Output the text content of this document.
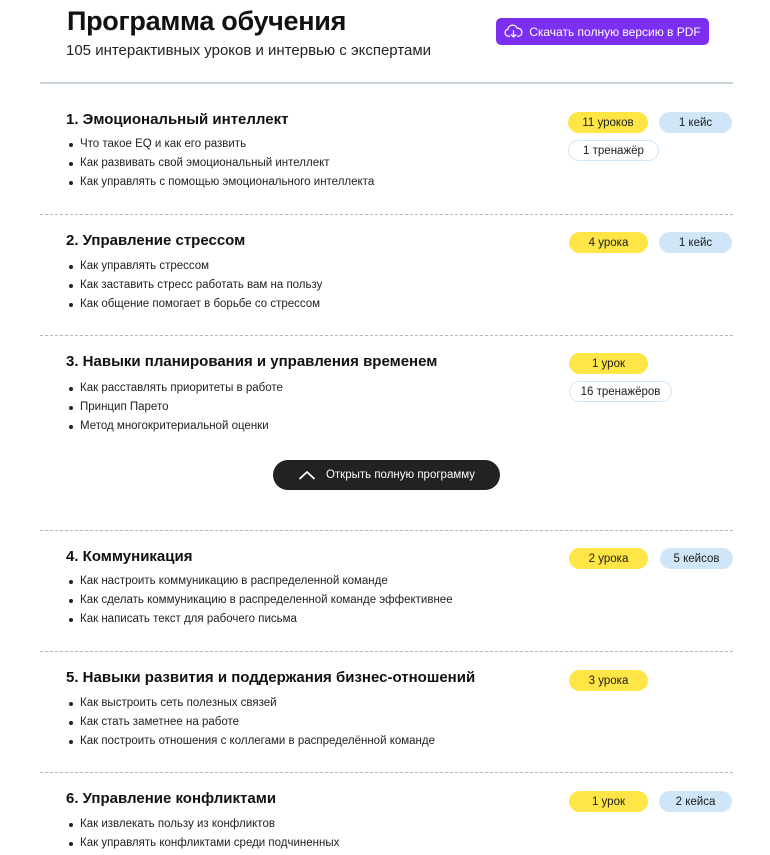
Программа обучения
105 интерактивных уроков и интервью с экспертами
Скачать полную версию в PDF
1. Эмоциональный интеллект
Что такое EQ и как его развить
Как развивать свой эмоциональный интеллект
Как управлять с помощью эмоционального интеллекта
11 уроков	1 кейс
1 тренажёр
2. Управление стрессом
Как управлять стрессом
Как заставить стресс работать вам на пользу
Как общение помогает в борьбе со стрессом
4 урока	1 кейс
3. Навыки планирования и управления временем
Как расставлять приоритеты в работе
Принцип Парето
Метод многокритериальной оценки
1 урок
16 тренажёров
Открыть полную программу
4. Коммуникация
Как настроить коммуникацию в распределенной команде
Как сделать коммуникацию в распределенной команде эффективнее
Как написать текст для рабочего письма
2 урока	5 кейсов
5. Навыки развития и поддержания бизнес-отношений
Как выстроить сеть полезных связей
Как стать заметнее на работе
Как построить отношения с коллегами в распределённой команде
3 урока
6. Управление конфликтами
Как извлекать пользу из конфликтов
Как управлять конфликтами среди подчиненных
1 урок	2 кейса
